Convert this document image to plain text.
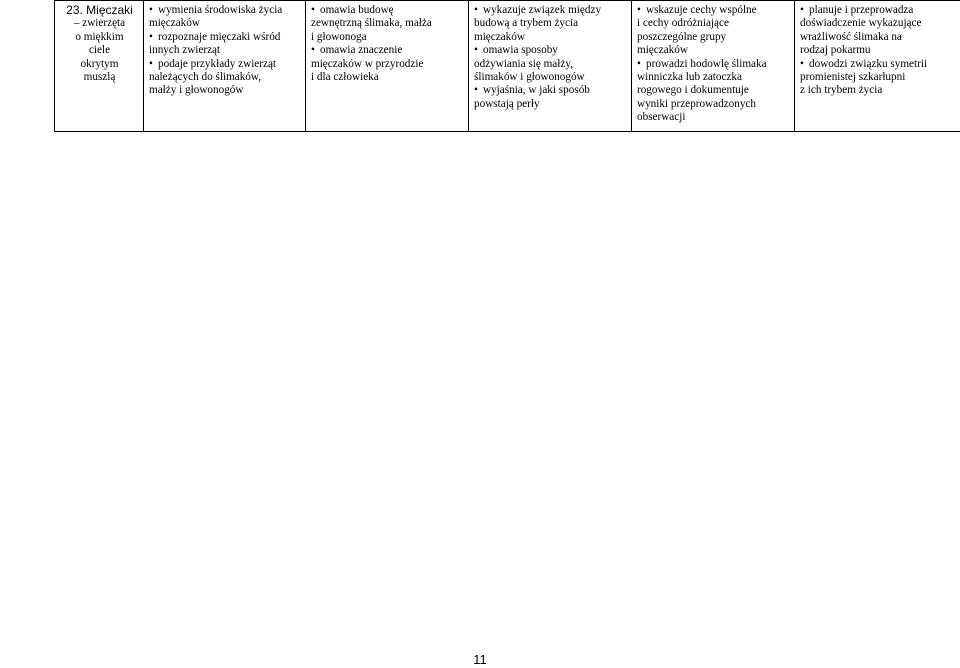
23. Mięczaki
– zwierzęta
o miękkim
ciele
okrytym
muszlą

• wymienia środowiska życia
mięczaków
• rozpoznaje mięczaki wśród
innych zwierząt
• podaje przykłady zwierząt
należących do ślimaków,
małży i głowonogów

• omawia budowę
zewnętrzną ślimaka, małża
i głowonoga
• omawia znaczenie
mięczaków w przyrodzie
i dla człowieka

• wykazuje związek między
budową a trybem życia
mięczaków
• omawia sposoby
odżywiania się małży,
ślimaków i głowonogów
• wyjaśnia, w jaki sposób
powstają perły

• wskazuje cechy wspólne
i cechy odróżniające
poszczególne grupy
mięczaków
• prowadzi hodowlę ślimaka
winniczka lub zatoczka
rogowego i dokumentuje
wyniki przeprowadzonych
obserwacji

• planuje i przeprowadza
doświadczenie wykazujące
wrażliwość ślimaka na
rodzaj pokarmu
• dowodzi związku symetrii
promienistej szkarłupni
z ich trybem życia
11
